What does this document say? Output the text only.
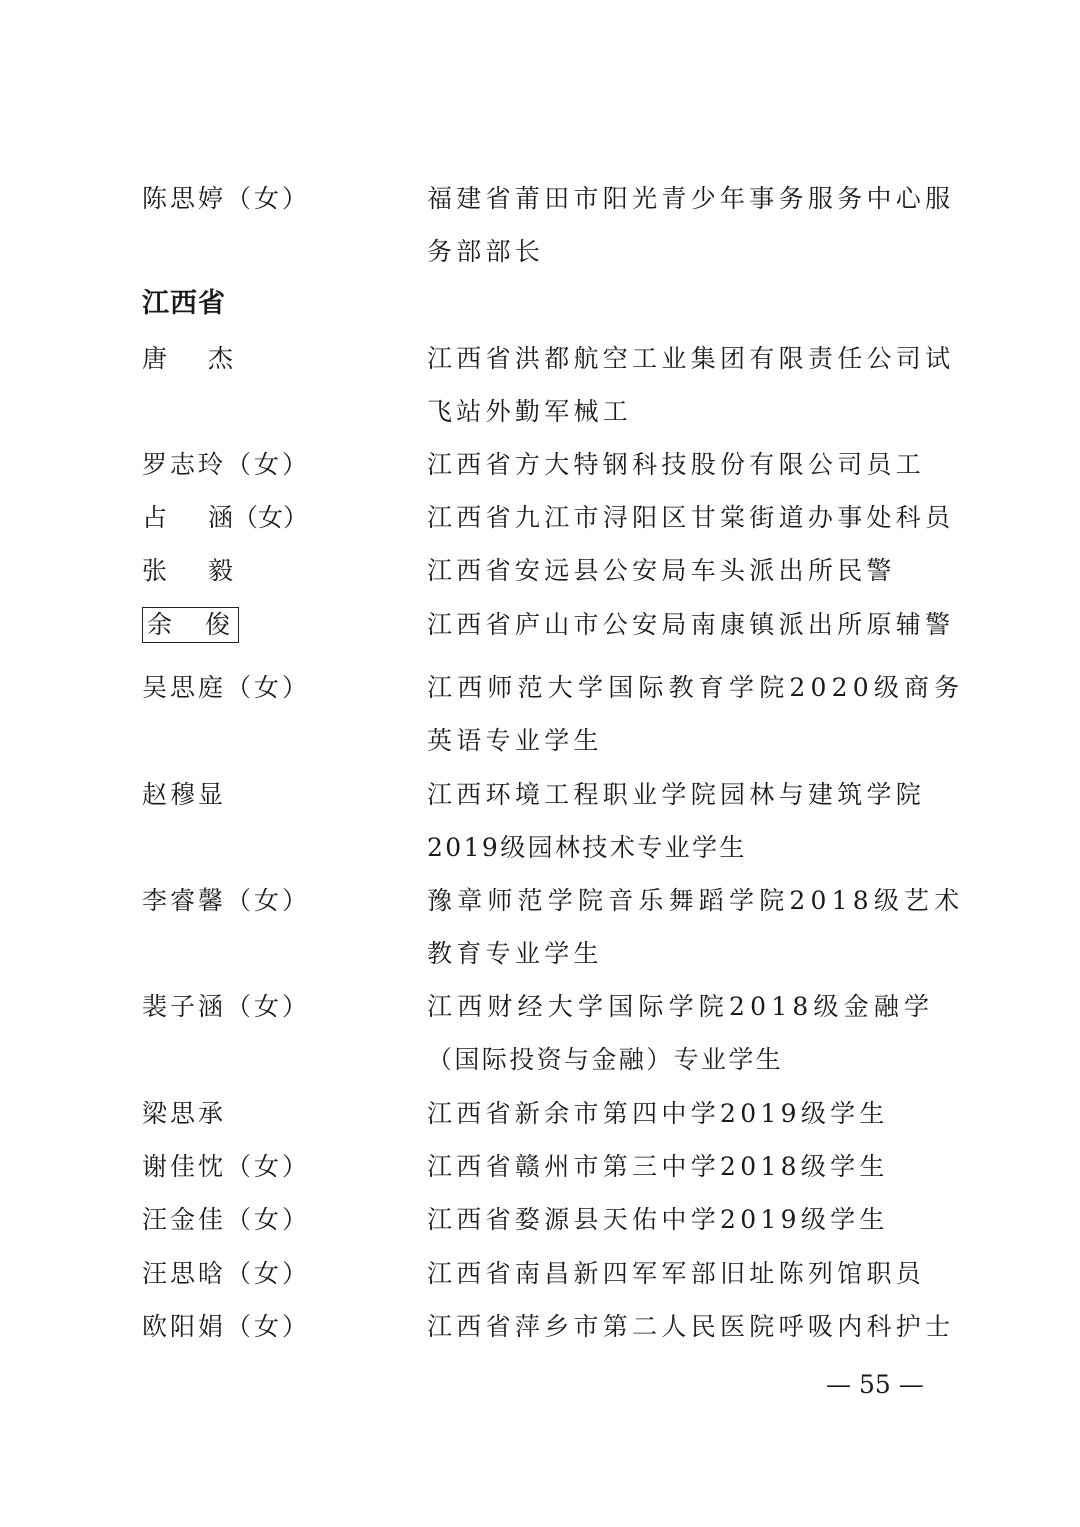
陈思婷（女）	福建省莆田市阳光青少年事务服务中心服
务部部长
江西省
唐 杰	江西省洪都航空工业集团有限责任公司试
飞站外勤军械工
罗志玲（女）	江西省方大特钢科技股份有限公司员工
占 涵（女）	江西省九江市浔阳区甘棠街道办事处科员
张 毅	江西省安远县公安局车头派出所民警
余 俊	江西省庐山市公安局南康镇派出所原辅警
吴思庭（女）	江西师范大学国际教育学院2020级商务
英语专业学生
赵穆显	江西环境工程职业学院园林与建筑学院
2019级园林技术专业学生
李睿馨（女）	豫章师范学院音乐舞蹈学院2018级艺术
教育专业学生
裴子涵（女）	江西财经大学国际学院2018级金融学
（国际投资与金融）专业学生
梁思承	江西省新余市第四中学2019级学生
谢佳忱（女）	江西省赣州市第三中学2018级学生
汪金佳（女）	江西省婺源县天佑中学2019级学生
汪思晗（女）	江西省南昌新四军军部旧址陈列馆职员
欧阳娟（女）	江西省萍乡市第二人民医院呼吸内科护士
— 55 —
